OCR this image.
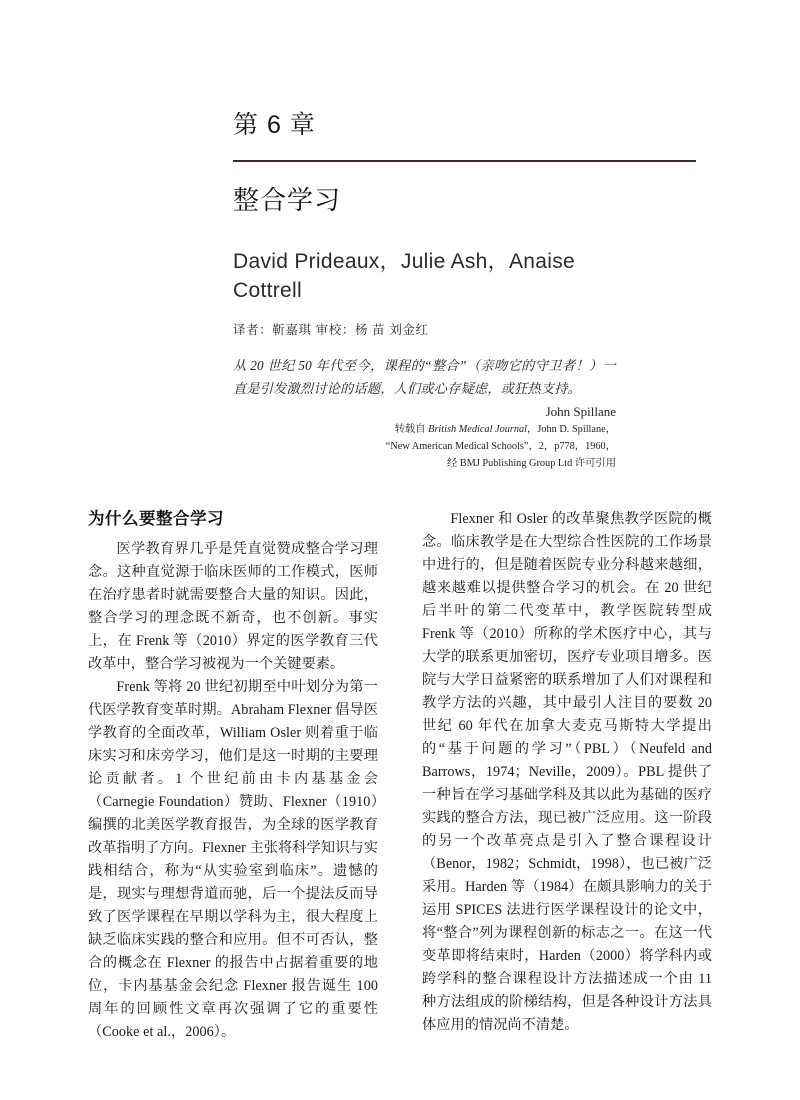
第 6 章
整合学习
David Prideaux，Julie Ash，Anaise Cottrell
译者：靳嘉琪 审校：杨 苗 刘金红

从 20 世纪 50 年代至今，课程的“整合”（亲吻它的守卫者！）一直是引发激烈讨论的话题，人们或心存疑虑，或狂热支持。

John Spillane

转载自 British Medical Journal，John D. Spillane，
“New American Medical Schools”，2，p778，1960，
经 BMJ Publishing Group Ltd 许可引用

为什么要整合学习

医学教育界几乎是凭直觉赞成整合学习理念。这种直觉源于临床医师的工作模式，医师在治疗患者时就需要整合大量的知识。因此，整合学习的理念既不新奇，也不创新。事实上，在 Frenk 等（2010）界定的医学教育三代改革中，整合学习被视为一个关键要素。

Frenk 等将 20 世纪初期至中叶划分为第一代医学教育变革时期。Abraham Flexner 倡导医学教育的全面改革，William Osler 则着重于临床实习和床旁学习，他们是这一时期的主要理论贡献者。1 个世纪前由卡内基基金会（Carnegie Foundation）赞助、Flexner（1910）编撰的北美医学教育报告，为全球的医学教育改革指明了方向。Flexner 主张将科学知识与实践相结合，称为“从实验室到临床”。遗憾的是，现实与理想背道而驰，后一个提法反而导致了医学课程在早期以学科为主，很大程度上缺乏临床实践的整合和应用。但不可否认，整合的概念在 Flexner 的报告中占据着重要的地位，卡内基基金会纪念 Flexner 报告诞生 100 周年的回顾性文章再次强调了它的重要性（Cooke et al.，2006）。

Flexner 和 Osler 的改革聚焦教学医院的概念。临床教学是在大型综合性医院的工作场景中进行的，但是随着医院专业分科越来越细，越来越难以提供整合学习的机会。在 20 世纪后半叶的第二代变革中，教学医院转型成 Frenk 等（2010）所称的学术医疗中心，其与大学的联系更加密切，医疗专业项目增多。医院与大学日益紧密的联系增加了人们对课程和教学方法的兴趣，其中最引人注目的要数 20 世纪 60 年代在加拿大麦克马斯特大学提出的“基于问题的学习”（PBL）（Neufeld and Barrows，1974；Neville，2009）。PBL 提供了一种旨在学习基础学科及其以此为基础的医疗实践的整合方法，现已被广泛应用。这一阶段的另一个改革亮点是引入了整合课程设计（Benor，1982；Schmidt，1998），也已被广泛采用。Harden 等（1984）在颇具影响力的关于运用 SPICES 法进行医学课程设计的论文中，将“整合”列为课程创新的标志之一。在这一代变革即将结束时，Harden（2000）将学科内或跨学科的整合课程设计方法描述成一个由 11 种方法组成的阶梯结构，但是各种设计方法具体应用的情况尚不清楚。
